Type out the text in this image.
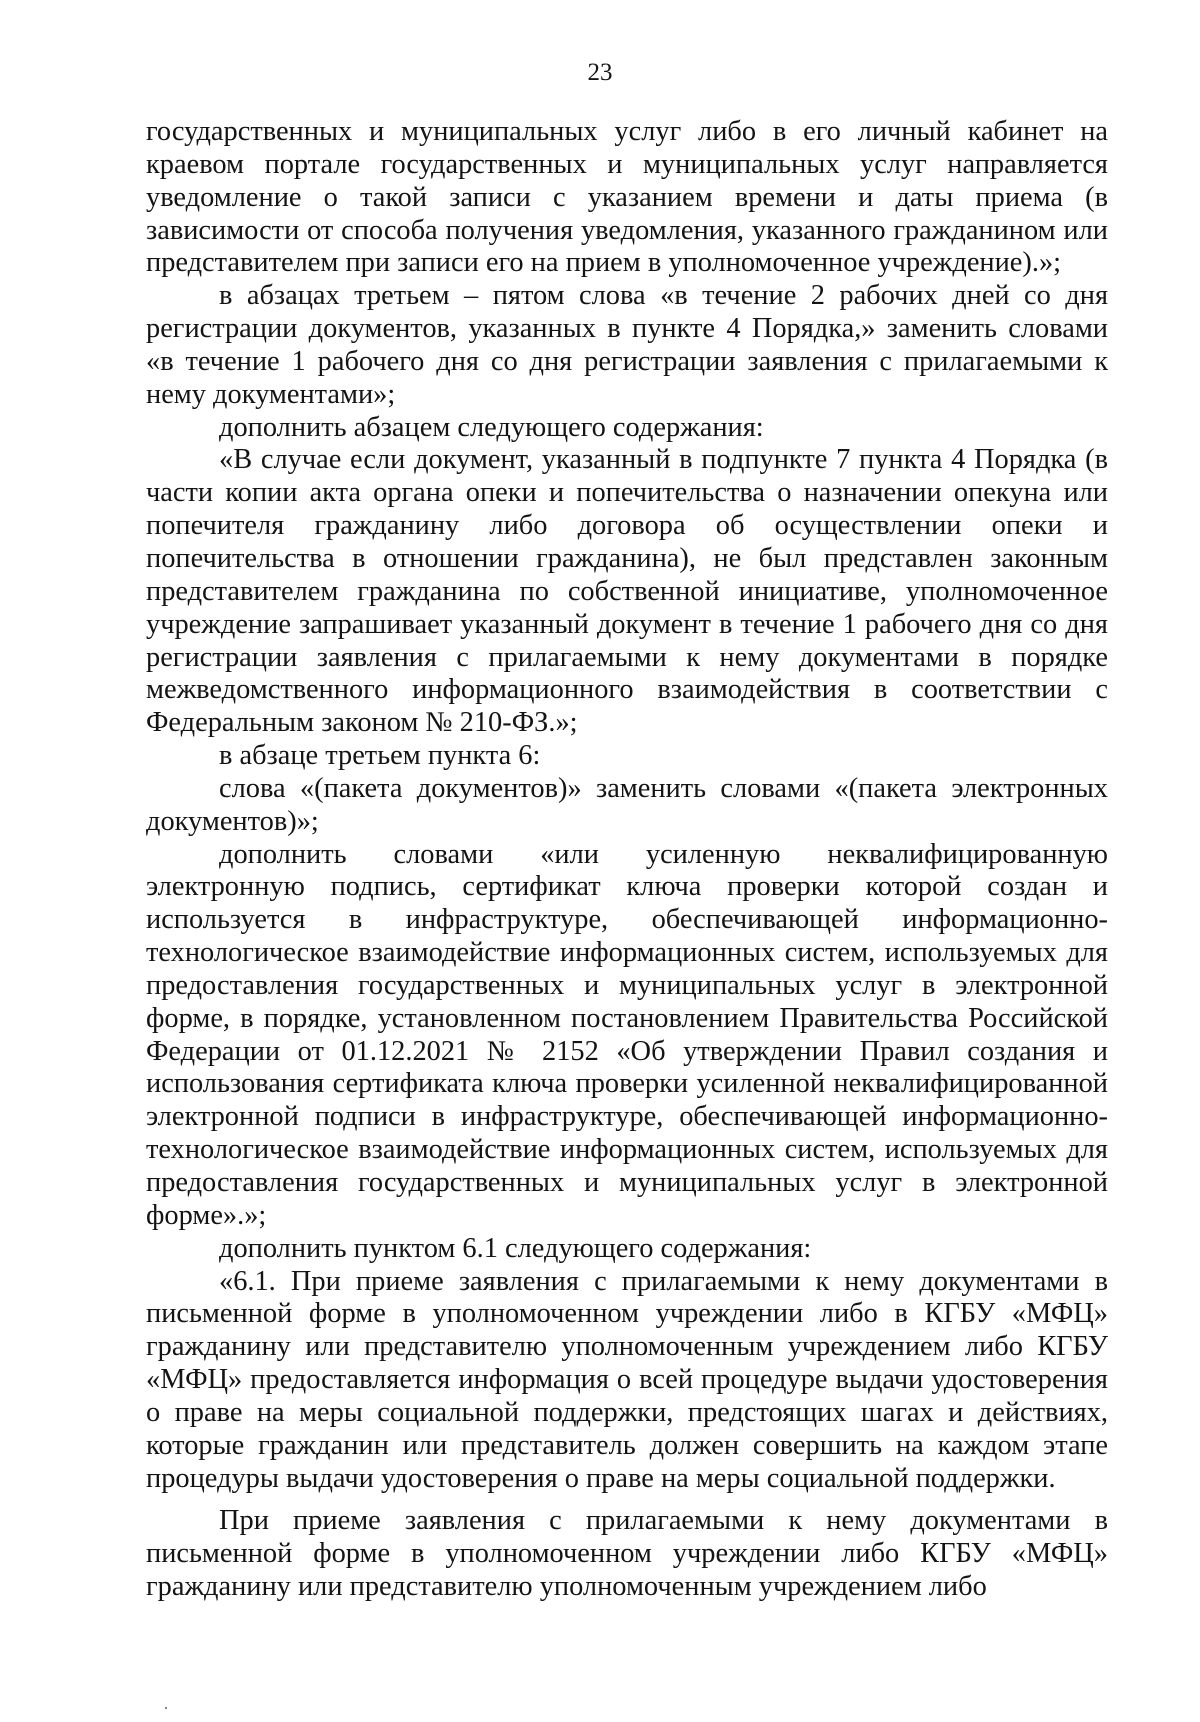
23

государственных и муниципальных услуг либо в его личный кабинет на краевом портале государственных и муниципальных услуг направляется уведомление о такой записи с указанием времени и даты приема (в зависимости от способа получения уведомления, указанного гражданином или представителем при записи его на прием в уполномоченное учреждение).»;

в абзацах третьем – пятом слова «в течение 2 рабочих дней со дня регистрации документов, указанных в пункте 4 Порядка,» заменить словами «в течение 1 рабочего дня со дня регистрации заявления с прилагаемыми к нему документами»;

дополнить абзацем следующего содержания:

«В случае если документ, указанный в подпункте 7 пункта 4 Порядка (в части копии акта органа опеки и попечительства о назначении опекуна или попечителя гражданину либо договора об осуществлении опеки и попечительства в отношении гражданина), не был представлен законным представителем гражданина по собственной инициативе, уполномоченное учреждение запрашивает указанный документ в течение 1 рабочего дня со дня регистрации заявления с прилагаемыми к нему документами в порядке межведомственного информационного взаимодействия в соответствии с Федеральным законом № 210-ФЗ.»;

в абзаце третьем пункта 6:

слова «(пакета документов)» заменить словами «(пакета электронных документов)»;

дополнить словами «или усиленную неквалифицированную электронную подпись, сертификат ключа проверки которой создан и используется в инфраструктуре, обеспечивающей информационно-технологическое взаимодействие информационных систем, используемых для предоставления государственных и муниципальных услуг в электронной форме, в порядке, установленном постановлением Правительства Российской Федерации от 01.12.2021 № 2152 «Об утверждении Правил создания и использования сертификата ключа проверки усиленной неквалифицированной электронной подписи в инфраструктуре, обеспечивающей информационно-технологическое взаимодействие информационных систем, используемых для предоставления государственных и муниципальных услуг в электронной форме».»;

дополнить пунктом 6.1 следующего содержания:

«6.1. При приеме заявления с прилагаемыми к нему документами в письменной форме в уполномоченном учреждении либо в КГБУ «МФЦ» гражданину или представителю уполномоченным учреждением либо КГБУ «МФЦ» предоставляется информация о всей процедуре выдачи удостоверения о праве на меры социальной поддержки, предстоящих шагах и действиях, которые гражданин или представитель должен совершить на каждом этапе процедуры выдачи удостоверения о праве на меры социальной поддержки.

При приеме заявления с прилагаемыми к нему документами в письменной форме в уполномоченном учреждении либо КГБУ «МФЦ» гражданину или представителю уполномоченным учреждением либо
